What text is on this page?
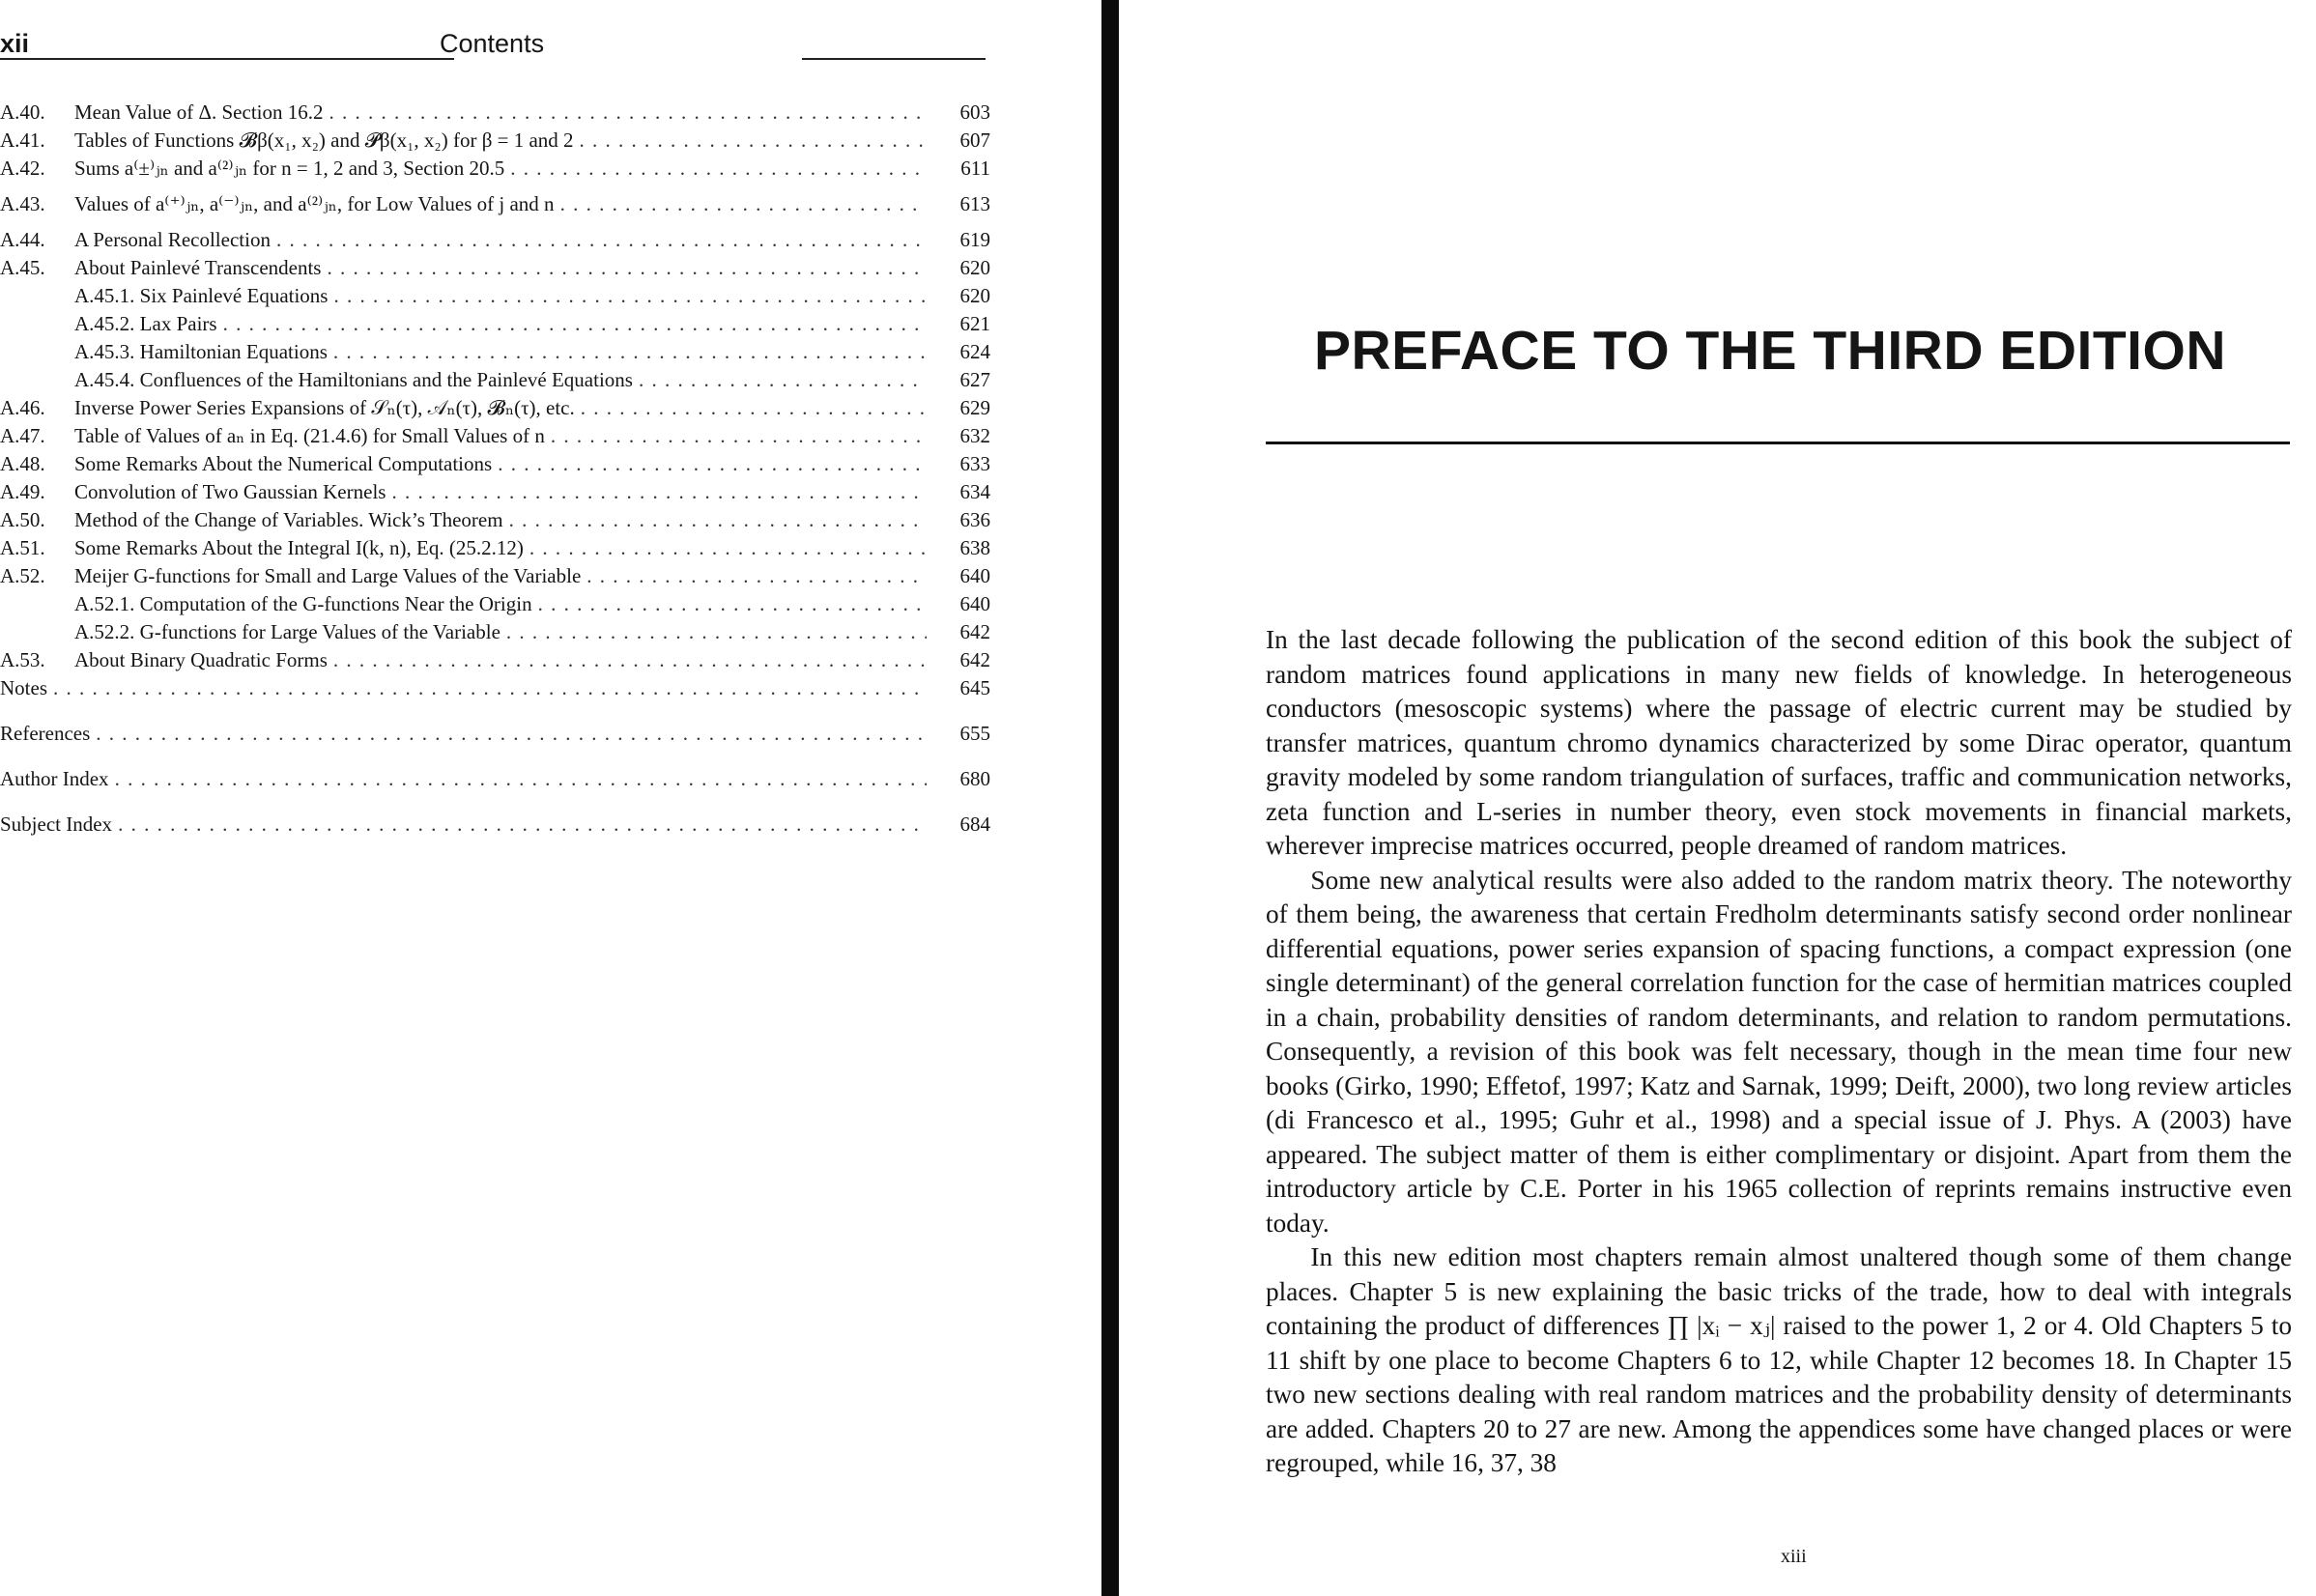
xii	Contents
A.40.	Mean Value of Δ. Section 16.2 . . .	603
A.41.	Tables of Functions 𝓑β(x₁, x₂) and 𝓟β(x₁, x₂) for β = 1 and 2 . . .	607
A.42.	Sums a⁽±⁾ⱼₙ and a⁽²⁾ⱼₙ for n = 1, 2 and 3, Section 20.5 . . .	611
A.43.	Values of a⁽⁺⁾ⱼₙ, a⁽⁻⁾ⱼₙ, and a⁽²⁾ⱼₙ, for Low Values of j and n . . .	613
A.44.	A Personal Recollection . . .	619
A.45.	About Painlevé Transcendents . . .	620
A.45.1. Six Painlevé Equations . . .	620
A.45.2. Lax Pairs . . .	621
A.45.3. Hamiltonian Equations . . .	624
A.45.4. Confluences of the Hamiltonians and the Painlevé Equations . . .	627
A.46.	Inverse Power Series Expansions of 𝒮ₙ(τ), 𝒜ₙ(τ), 𝓑ₙ(τ), etc. . . .	629
A.47.	Table of Values of aₙ in Eq. (21.4.6) for Small Values of n . . .	632
A.48.	Some Remarks About the Numerical Computations . . .	633
A.49.	Convolution of Two Gaussian Kernels . . .	634
A.50.	Method of the Change of Variables. Wick’s Theorem . . .	636
A.51.	Some Remarks About the Integral I(k, n), Eq. (25.2.12) . . .	638
A.52.	Meijer G-functions for Small and Large Values of the Variable . . .	640
A.52.1. Computation of the G-functions Near the Origin . . .	640
A.52.2. G-functions for Large Values of the Variable . . .	642
A.53.	About Binary Quadratic Forms . . .	642
Notes . . .	645
References . . .	655
Author Index . . .	680
Subject Index . . .	684
PREFACE TO THE THIRD EDITION

In the last decade following the publication of the second edition of this book the subject of random matrices found applications in many new fields of knowledge. In heterogeneous conductors (mesoscopic systems) where the passage of electric current may be studied by transfer matrices, quantum chromo dynamics characterized by some Dirac operator, quantum gravity modeled by some random triangulation of surfaces, traffic and communication networks, zeta function and L-series in number theory, even stock movements in financial markets, wherever imprecise matrices occurred, people dreamed of random matrices.

Some new analytical results were also added to the random matrix theory. The noteworthy of them being, the awareness that certain Fredholm determinants satisfy second order nonlinear differential equations, power series expansion of spacing functions, a compact expression (one single determinant) of the general correlation function for the case of hermitian matrices coupled in a chain, probability densities of random determinants, and relation to random permutations. Consequently, a revision of this book was felt necessary, though in the mean time four new books (Girko, 1990; Effetof, 1997; Katz and Sarnak, 1999; Deift, 2000), two long review articles (di Francesco et al., 1995; Guhr et al., 1998) and a special issue of J. Phys. A (2003) have appeared. The subject matter of them is either complimentary or disjoint. Apart from them the introductory article by C.E. Porter in his 1965 collection of reprints remains instructive even today.

In this new edition most chapters remain almost unaltered though some of them change places. Chapter 5 is new explaining the basic tricks of the trade, how to deal with integrals containing the product of differences ∏ |xᵢ − xⱼ| raised to the power 1, 2 or 4. Old Chapters 5 to 11 shift by one place to become Chapters 6 to 12, while Chapter 12 becomes 18. In Chapter 15 two new sections dealing with real random matrices and the probability density of determinants are added. Chapters 20 to 27 are new. Among the appendices some have changed places or were regrouped, while 16, 37, 38

xiii
